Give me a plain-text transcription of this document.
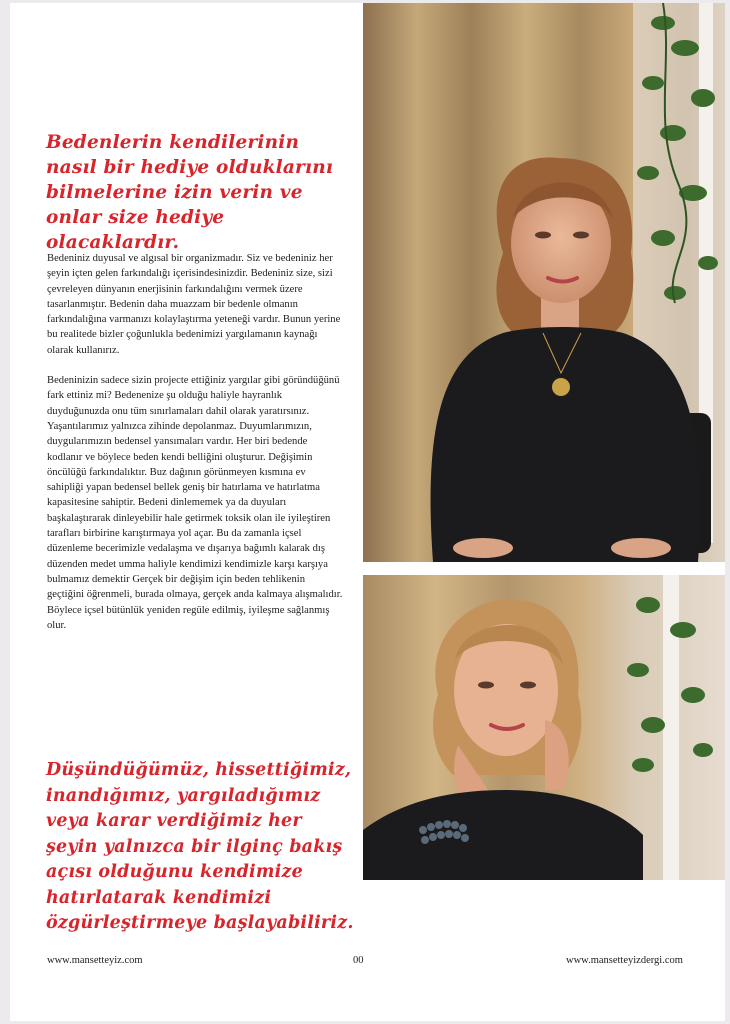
Bedenlerin kendilerinin nasıl bir hediye olduklarını bilmelerine izin verin ve onlar size hediye olacaklardır.

Bedeniniz duyusal ve algısal bir organizmadır. Siz ve bedeniniz her şeyin içten gelen farkındalığı içerisindesinizdir. Bedeniniz size, sizi çevreleyen dünyanın enerjisinin farkındalığını vermek üzere tasarlanmıştır. Bedenin daha muazzam bir bedenle olmanın farkındalığına varmanızı kolaylaştırma yeteneği vardır. Bunun yerine bu realitede bizler çoğunlukla bedenimizi yargılamanın kaynağı olarak kullanırız.

Bedeninizin sadece sizin projecte ettiğiniz yargılar gibi göründüğünü fark ettiniz mi? Bedenenize şu olduğu haliyle hayranlık duyduğunuzda onu tüm sınırlamaları dahil olarak yaratırsınız.
Yaşantılarımız yalnızca zihinde depolanmaz. Duyumlarımızın, duygularımızın bedensel yansımaları vardır. Her biri bedende kodlanır ve böylece beden kendi belliğini oluşturur. Değişimin öncülüğü farkındalıktır. Buz dağının görünmeyen kısmına ev sahipliği yapan bedensel bellek geniş bir hatırlama ve hatırlatma kapasitesine sahiptir. Bedeni dinlememek ya da duyuları başkalaştırarak dinleyebilir hale getirmek toksik olan ile iyileştiren tarafları birbirine karıştırmaya yol açar. Bu da zamanla içsel düzenleme becerimizle vedalaşma ve dışarıya bağımlı kalarak dış düzenden medet umma haliyle kendimizi kendimizle karşı karşıya bulmamız demektir Gerçek bir değişim için beden tehlikenin geçtiğini öğrenmeli, burada olmaya, gerçek anda kalmaya alışmalıdır. Böylece içsel bütünlük yeniden regüle edilmiş, iyileşme sağlanmış olur.

Düşündüğümüz, hissettiğimiz, inandığımız, yargıladığımız veya karar verdiğimiz her şeyin yalnızca bir ilginç bakış açısı olduğunu kendimize hatırlatarak kendimizi özgürleştirmeye başlayabiliriz.
www.mansetteyiz.com	00	www.mansetteyizdergi.com
